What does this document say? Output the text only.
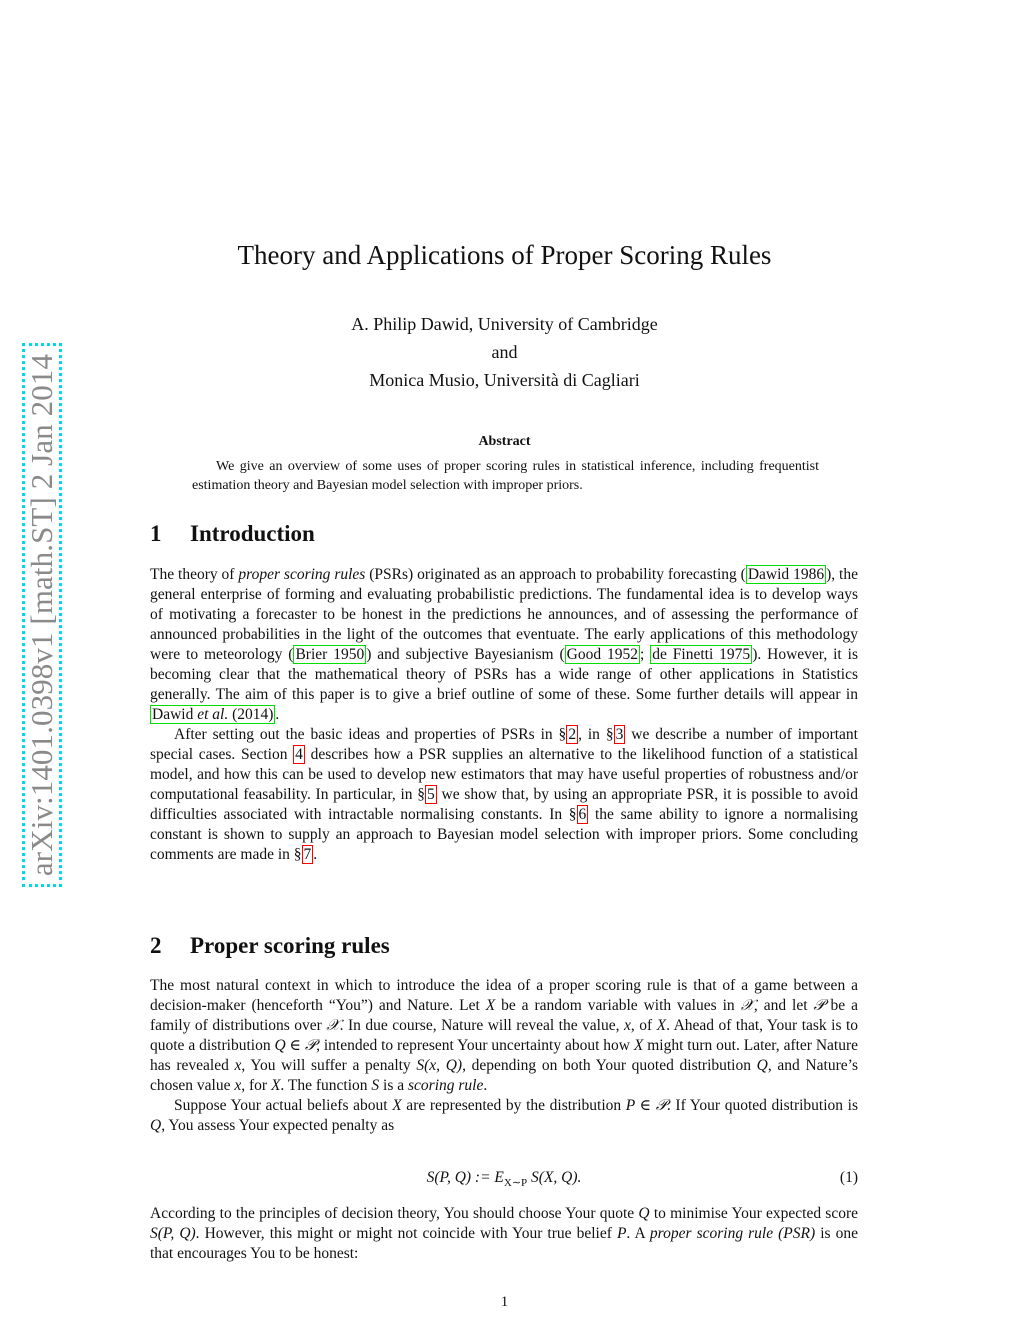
arXiv:1401.0398v1 [math.ST] 2 Jan 2014
Theory and Applications of Proper Scoring Rules
A. Philip Dawid, University of Cambridge
and
Monica Musio, Università di Cagliari
Abstract

We give an overview of some uses of proper scoring rules in statistical inference, including frequentist estimation theory and Bayesian model selection with improper priors.

1 Introduction

The theory of proper scoring rules (PSRs) originated as an approach to probability forecasting ( Dawid 1986 ), the general enterprise of forming and evaluating probabilistic predictions. The fundamental idea is to develop ways of motivating a forecaster to be honest in the predictions he announces, and of assessing the performance of announced probabilities in the light of the outcomes that eventuate. The early applications of this methodology were to meteorology ( Brier 1950 ) and subjective Bayesianism ( Good 1952 ; de Finetti 1975 ). However, it is becoming clear that the mathematical theory of PSRs has a wide range of other applications in Statistics generally. The aim of this paper is to give a brief outline of some of these. Some further details will appear in Dawid et al. (2014) .

After setting out the basic ideas and properties of PSRs in § 2 , in § 3 we describe a number of important special cases. Section 4 describes how a PSR supplies an alternative to the likelihood function of a statistical model, and how this can be used to develop new estimators that may have useful properties of robustness and/or computational feasability. In particular, in § 5 we show that, by using an appropriate PSR, it is possible to avoid difficulties associated with intractable normalising constants. In § 6 the same ability to ignore a normalising constant is shown to supply an approach to Bayesian model selection with improper priors. Some concluding comments are made in § 7 .

2 Proper scoring rules

The most natural context in which to introduce the idea of a proper scoring rule is that of a game between a decision-maker (henceforth “You”) and Nature. Let X be a random variable with values in 𝒳, and let 𝒫 be a family of distributions over 𝒳. In due course, Nature will reveal the value, x, of X. Ahead of that, Your task is to quote a distribution Q ∈ 𝒫, intended to represent Your uncertainty about how X might turn out. Later, after Nature has revealed x, You will suffer a penalty S(x, Q), depending on both Your quoted distribution Q, and Nature’s chosen value x, for X. The function S is a scoring rule.

Suppose Your actual beliefs about X are represented by the distribution P ∈ 𝒫. If Your quoted distribution is Q, You assess Your expected penalty as

S(P, Q) := $E_{X\sim P}$ S(X, Q).	(1)

According to the principles of decision theory, You should choose Your quote Q to minimise Your expected score S(P, Q). However, this might or might not coincide with Your true belief P. A proper scoring rule (PSR) is one that encourages You to be honest:

1
